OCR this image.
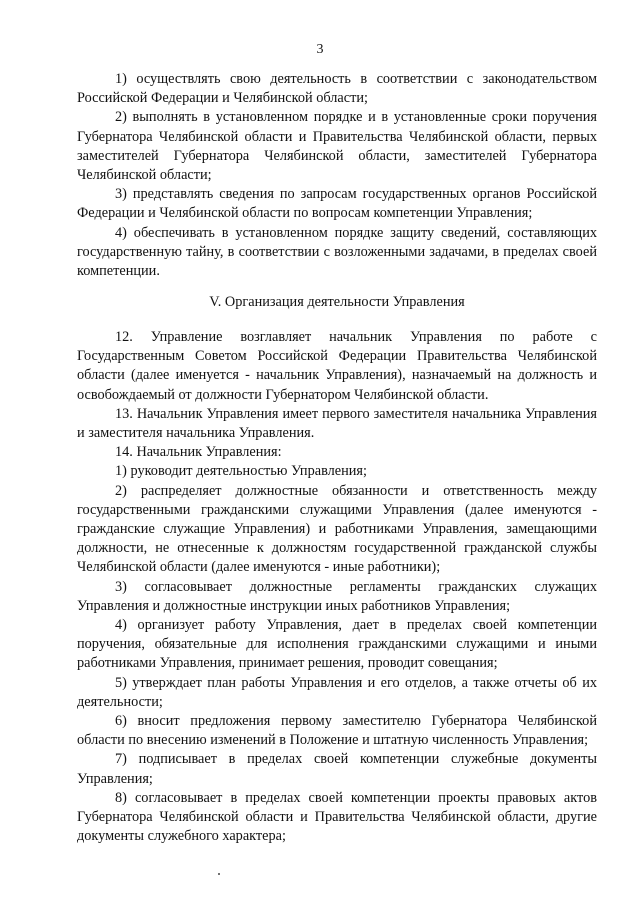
3

1) осуществлять свою деятельность в соответствии с законодательством Российской Федерации и Челябинской области;

2) выполнять в установленном порядке и в установленные сроки поручения Губернатора Челябинской области и Правительства Челябинской области, первых заместителей Губернатора Челябинской области, заместителей Губернатора Челябинской области;

3) представлять сведения по запросам государственных органов Российской Федерации и Челябинской области по вопросам компетенции Управления;

4) обеспечивать в установленном порядке защиту сведений, составляющих государственную тайну, в соответствии с возложенными задачами, в пределах своей компетенции.

V. Организация деятельности Управления

12. Управление возглавляет начальник Управления по работе с Государственным Советом Российской Федерации Правительства Челябинской области (далее именуется - начальник Управления), назначаемый на должность и освобождаемый от должности Губернатором Челябинской области.

13. Начальник Управления имеет первого заместителя начальника Управления и заместителя начальника Управления.

14. Начальник Управления:

1) руководит деятельностью Управления;

2) распределяет должностные обязанности и ответственность между государственными гражданскими служащими Управления (далее именуются - гражданские служащие Управления) и работниками Управления, замещающими должности, не отнесенные к должностям государственной гражданской службы Челябинской области (далее именуются - иные работники);

3) согласовывает должностные регламенты гражданских служащих Управления и должностные инструкции иных работников Управления;

4) организует работу Управления, дает в пределах своей компетенции поручения, обязательные для исполнения гражданскими служащими и иными работниками Управления, принимает решения, проводит совещания;

5) утверждает план работы Управления и его отделов, а также отчеты об их деятельности;

6) вносит предложения первому заместителю Губернатора Челябинской области по внесению изменений в Положение и штатную численность Управления;

7) подписывает в пределах своей компетенции служебные документы Управления;

8) согласовывает в пределах своей компетенции проекты правовых актов Губернатора Челябинской области и Правительства Челябинской области, другие документы служебного характера;
